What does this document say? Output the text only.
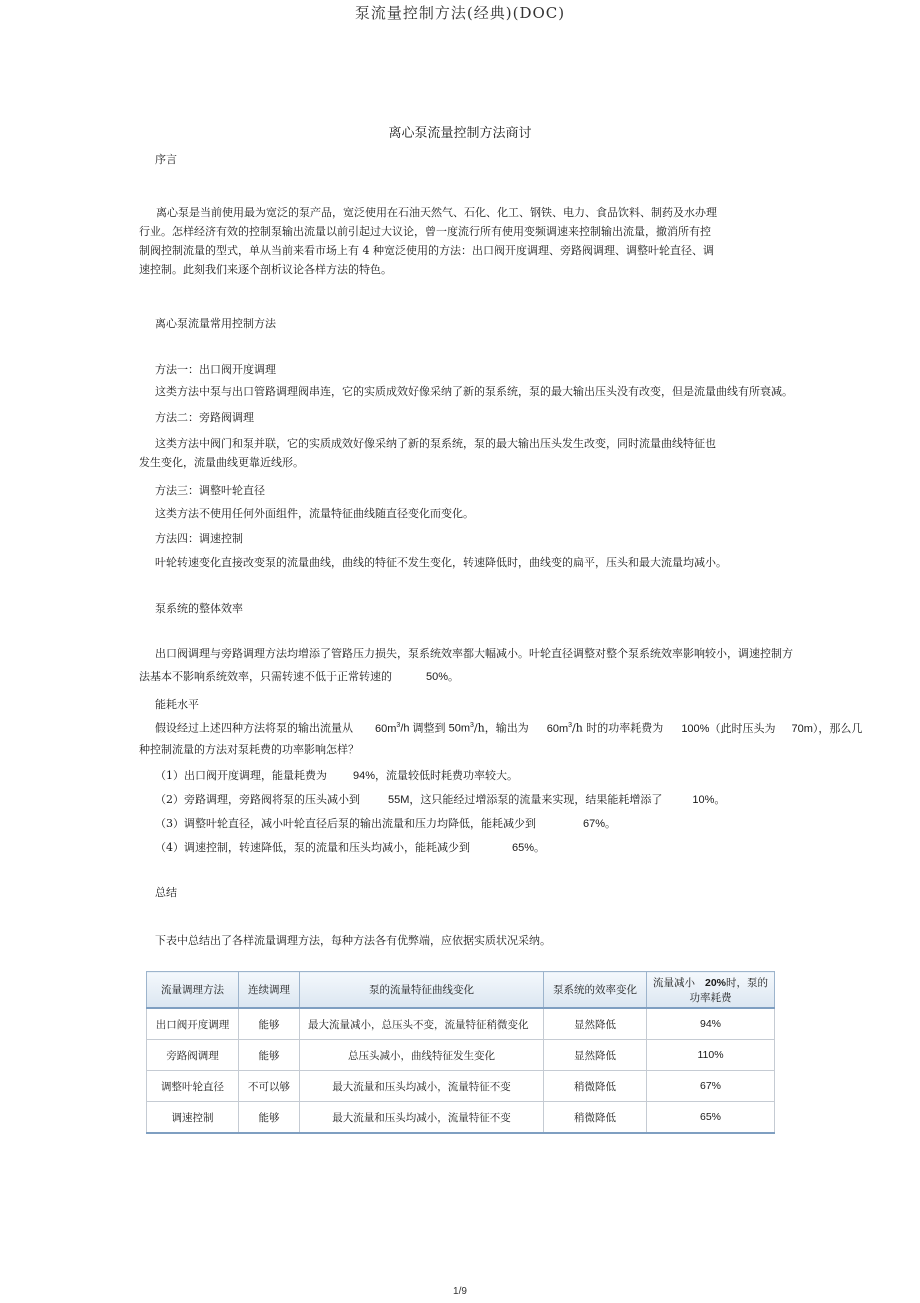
泵流量控制方法(经典)(DOC)
离心泵流量控制方法商讨
序言
离心泵是当前使用最为宽泛的泵产品，宽泛使用在石油天然气、石化、化工、钢铁、电力、食品饮料、制药及水办理行业。怎样经济有效的控制泵输出流量以前引起过大议论，曾一度流行所有使用变频调速来控制输出流量，撤消所有控制阀控制流量的型式，单从当前来看市场上有 4 种宽泛使用的方法：出口阀开度调理、旁路阀调理、调整叶轮直径、调速控制。此刻我们来逐个剖析议论各样方法的特色。
离心泵流量常用控制方法
方法一：出口阀开度调理
这类方法中泵与出口管路调理阀串连，它的实质成效好像采纳了新的泵系统，泵的最大输出压头没有改变，但是流量曲线有所衰减。
方法二：旁路阀调理
这类方法中阀门和泵并联，它的实质成效好像采纳了新的泵系统，泵的最大输出压头发生改变，同时流量曲线特征也发生变化，流量曲线更靠近线形。
方法三：调整叶轮直径
这类方法不使用任何外面组件，流量特征曲线随直径变化而变化。
方法四：调速控制
叶轮转速变化直接改变泵的流量曲线，曲线的特征不发生变化，转速降低时，曲线变的扁平，压头和最大流量均减小。
泵系统的整体效率
出口阀调理与旁路调理方法均增添了管路压力损失，泵系统效率都大幅减小。叶轮直径调整对整个泵系统效率影响较小，调速控制方
法基本不影响系统效率，只需转速不低于正常转速的	50%。
能耗水平
假设经过上述四种方法将泵的输出流量从 $60m^3/h$ 调整到 $50m^3/h$，输出为 $60m^3/h$ 时的功率耗费为 100%（此时压头为 70m），那么几
种控制流量的方法对泵耗费的功率影响怎样？
（1）出口阀开度调理，能量耗费为 94%，流量较低时耗费功率较大。
（2）旁路调理，旁路阀将泵的压头减小到	55M，这只能经过增添泵的流量来实现，结果能耗增添了	10%。
（3）调整叶轮直径，减小叶轮直径后泵的输出流量和压力均降低，能耗减少到	67%。
（4）调速控制，转速降低，泵的流量和压头均减小，能耗减少到	65%。
总结
下表中总结出了各样流量调理方法，每种方法各有优弊端，应依据实质状况采纳。
流量调理方法	连续调理	泵的流量特征曲线变化	泵系统的效率变化	流量减小 20%时，泵的功率耗费
出口阀开度调理	能够	最大流量减小，总压头不变，流量特征稍微变化	显然降低	94%
旁路阀调理	能够	总压头减小，曲线特征发生变化	显然降低	110%
调整叶轮直径	不可以够	最大流量和压头均减小，流量特征不变	稍微降低	67%
调速控制	能够	最大流量和压头均减小，流量特征不变	稍微降低	65%
1/9
